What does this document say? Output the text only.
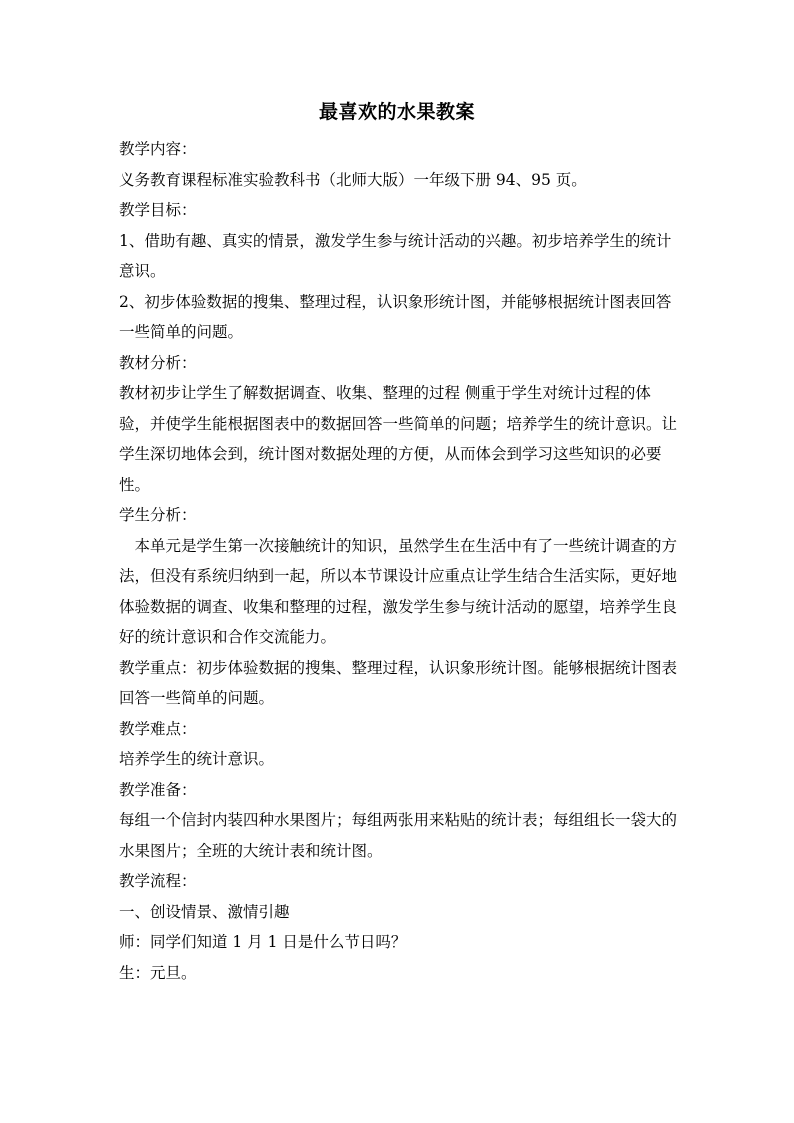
最喜欢的水果教案

教学内容：

义务教育课程标准实验教科书（北师大版）一年级下册 94、95 页。

教学目标：

1、借助有趣、真实的情景，激发学生参与统计活动的兴趣。初步培养学生的统计意识。

2、初步体验数据的搜集、整理过程，认识象形统计图，并能够根据统计图表回答一些简单的问题。

教材分析：

教材初步让学生了解数据调查、收集、整理的过程 侧重于学生对统计过程的体验，并使学生能根据图表中的数据回答一些简单的问题；培养学生的统计意识。让学生深切地体会到，统计图对数据处理的方便，从而体会到学习这些知识的必要性。

学生分析：

本单元是学生第一次接触统计的知识，虽然学生在生活中有了一些统计调查的方法，但没有系统归纳到一起，所以本节课设计应重点让学生结合生活实际，更好地体验数据的调查、收集和整理的过程，激发学生参与统计活动的愿望，培养学生良好的统计意识和合作交流能力。

教学重点：初步体验数据的搜集、整理过程，认识象形统计图。能够根据统计图表回答一些简单的问题。

教学难点：

培养学生的统计意识。

教学准备：

每组一个信封内装四种水果图片；每组两张用来粘贴的统计表；每组组长一袋大的水果图片；全班的大统计表和统计图。

教学流程：

一、创设情景、激情引趣

师：同学们知道 1 月 1 日是什么节日吗？

生：元旦。
